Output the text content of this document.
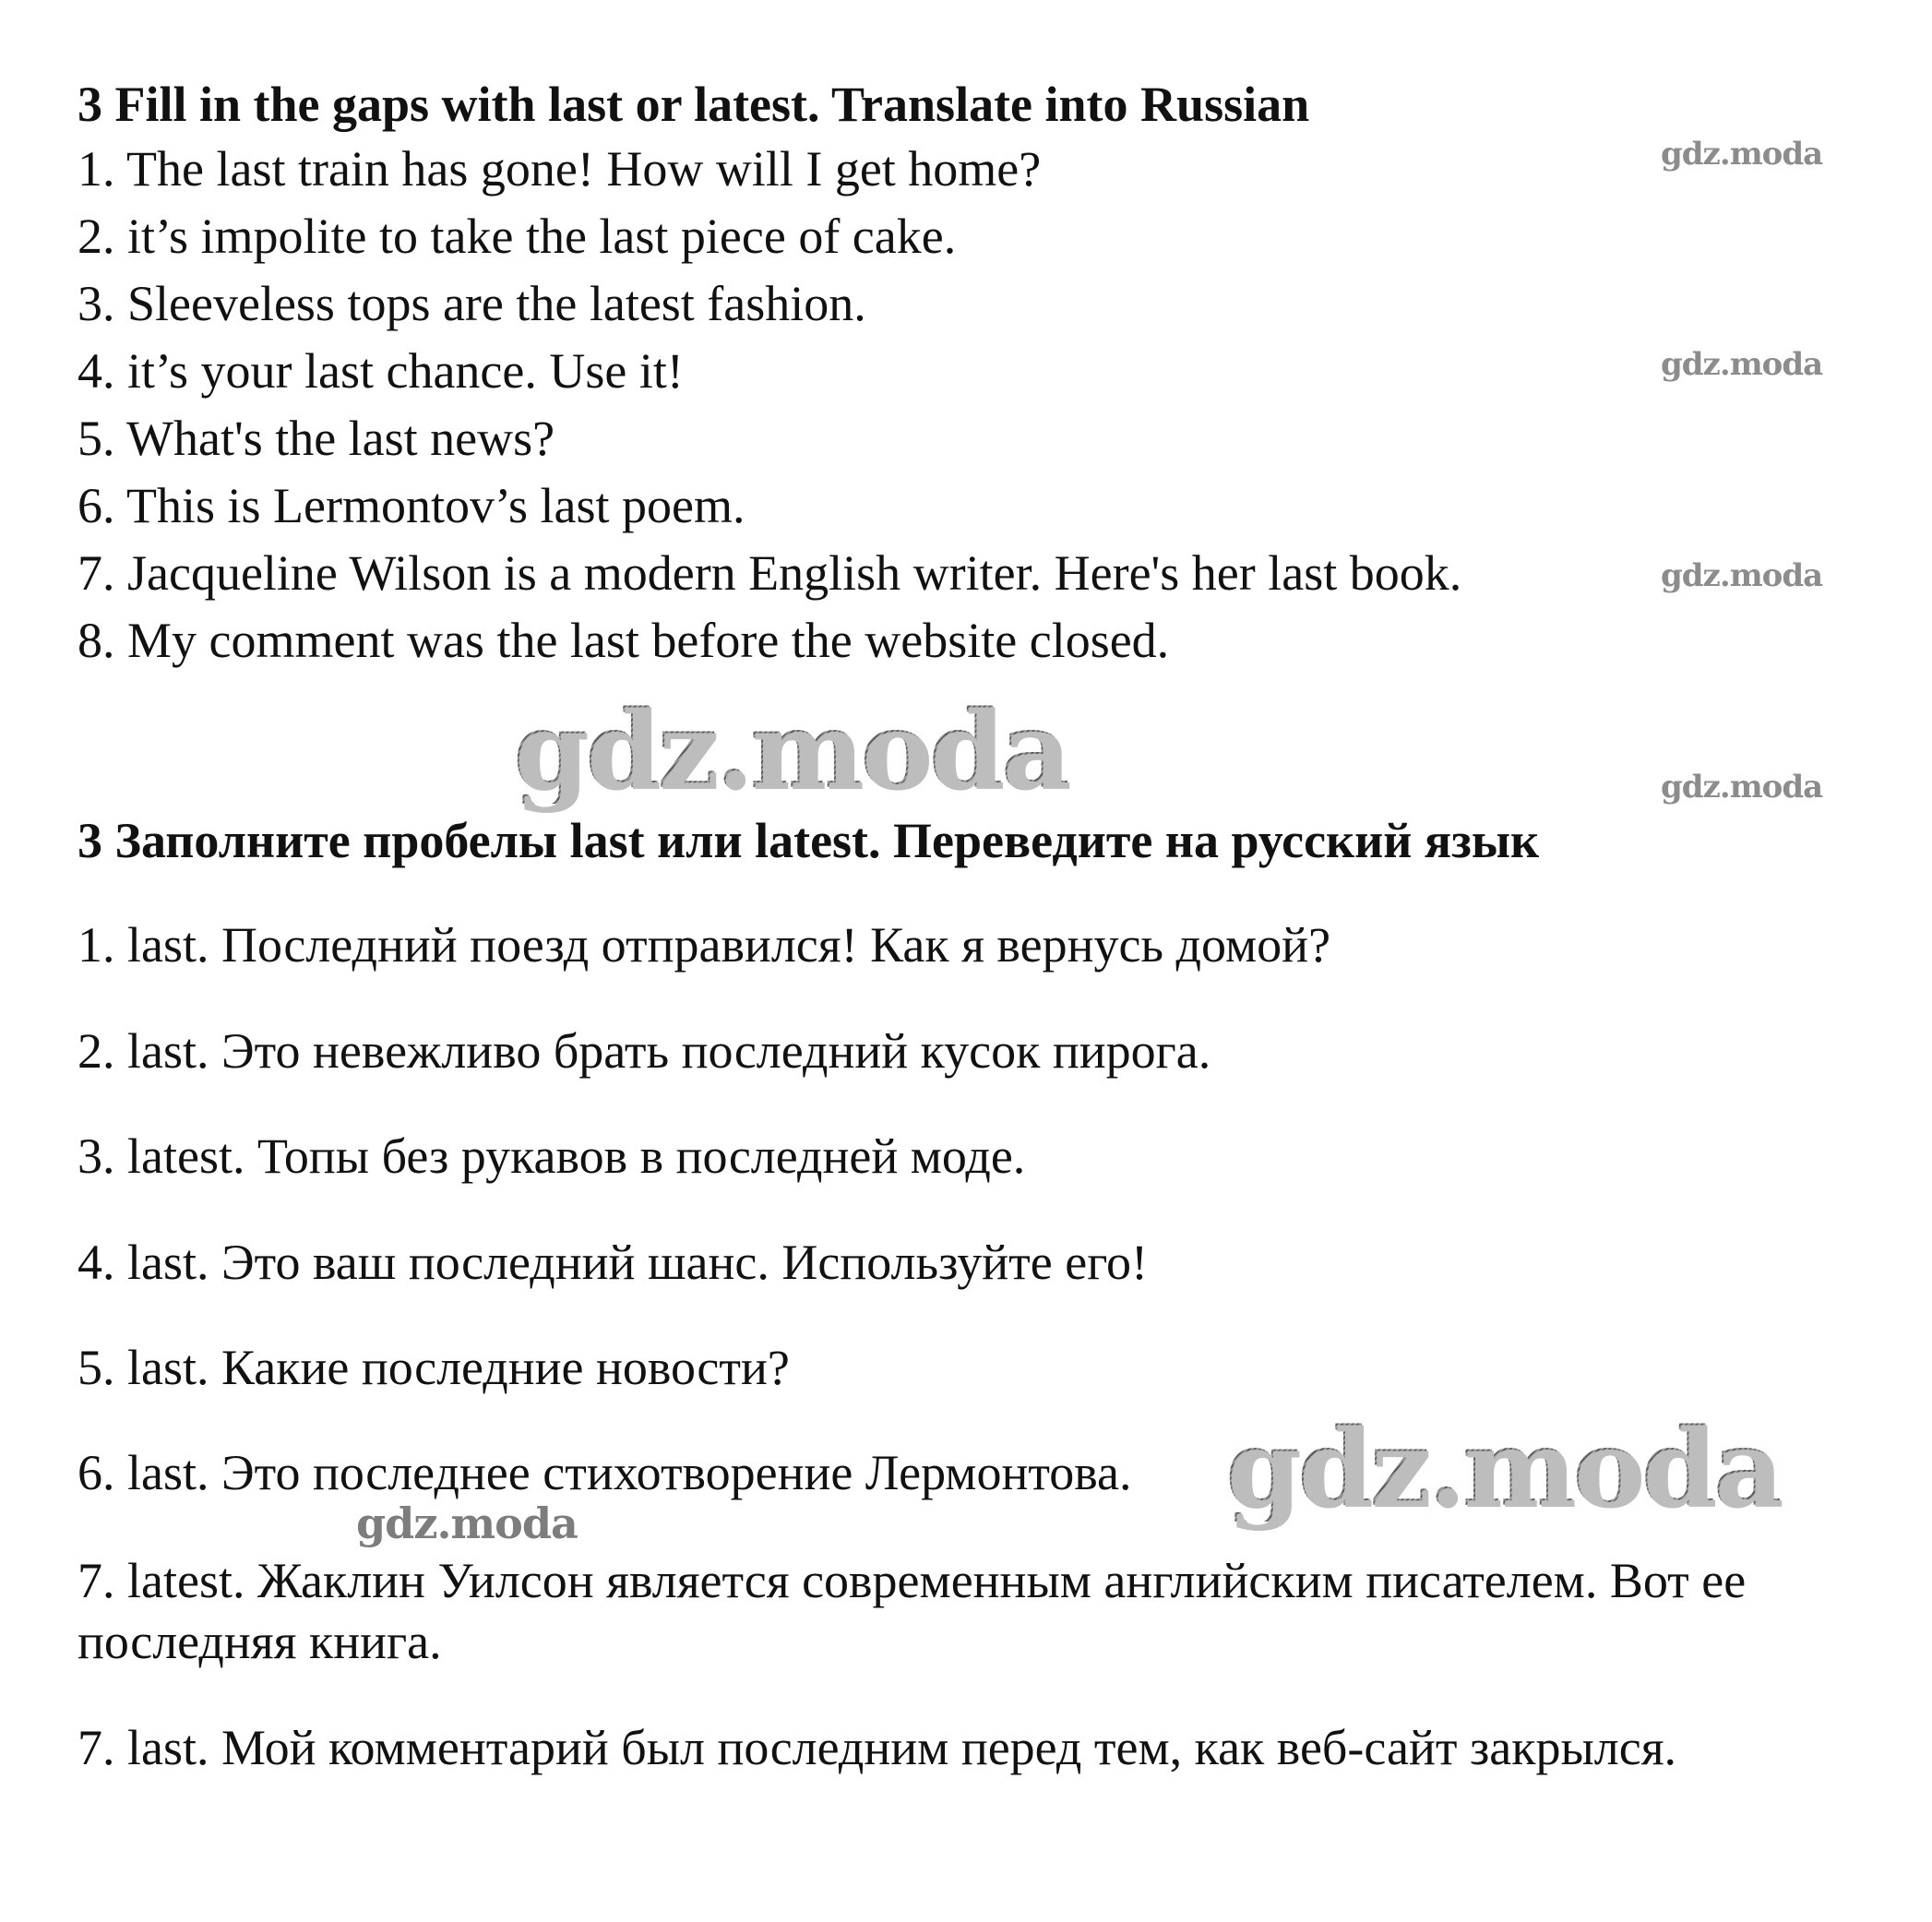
3 Fill in the gaps with last or latest. Translate into Russian
1. The last train has gone! How will I get home?
2. it’s impolite to take the last piece of cake.
3. Sleeveless tops are the latest fashion.
4. it’s your last chance. Use it!
5. What's the last news?
6. This is Lermontov’s last poem.
7. Jacqueline Wilson is a modern English writer. Here's her last book.
8. My comment was the last before the website closed.
3 Заполните пробелы last или latest. Переведите на русский язык
1. last. Последний поезд отправился! Как я вернусь домой?
2. last. Это невежливо брать последний кусок пирога.
3. latest. Топы без рукавов в последней моде.
4. last. Это ваш последний шанс. Используйте его!
5. last. Какие последние новости?
6. last. Это последнее стихотворение Лермонтова.
7. latest. Жаклин Уилсон является современным английским писателем. Вот ее последняя книга.
7. last. Мой комментарий был последним перед тем, как веб-сайт закрылся.
gdz.moda
gdz.moda
gdz.moda
gdz.moda
gdz.moda
gdz.moda
gdz.moda
